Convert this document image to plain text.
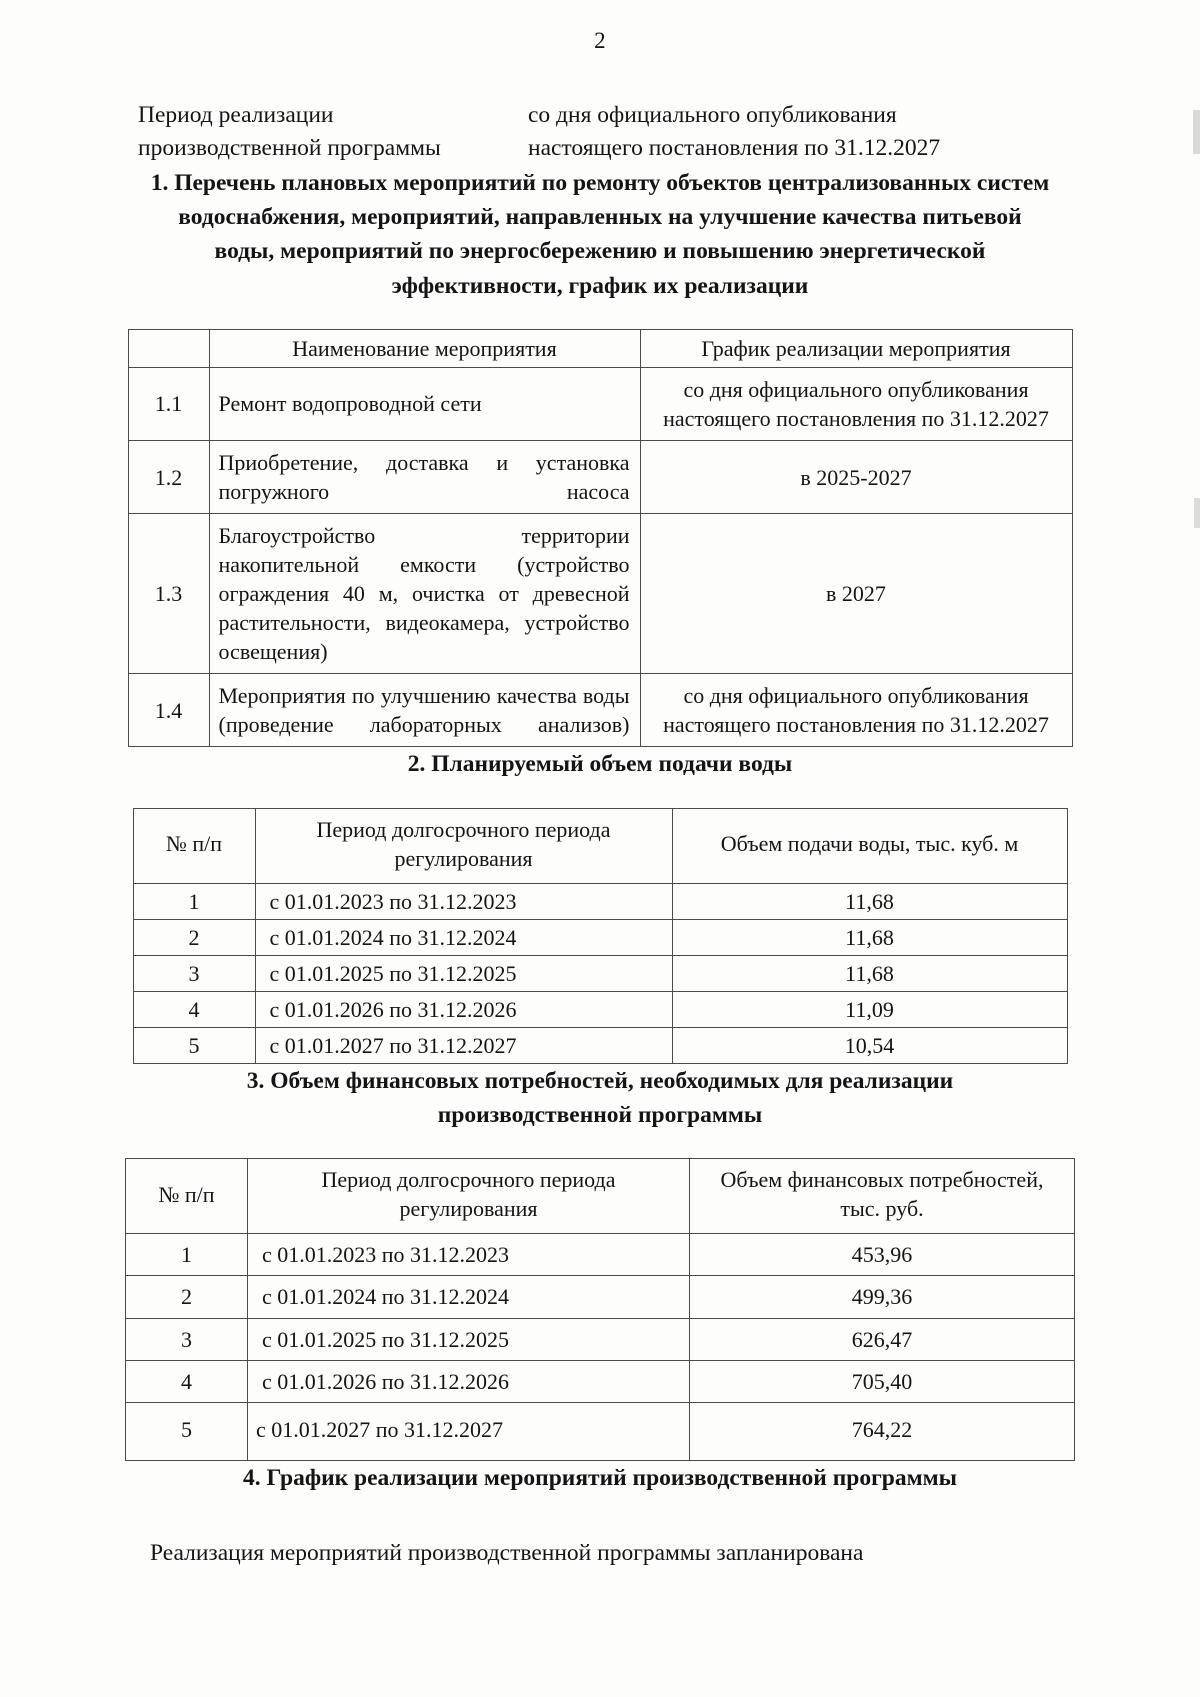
2
Период реализации
производственной программы
со дня официального опубликования
настоящего постановления по 31.12.2027
1. Перечень плановых мероприятий по ремонту объектов централизованных систем водоснабжения, мероприятий, направленных на улучшение качества питьевой воды, мероприятий по энергосбережению и повышению энергетической эффективности, график их реализации
	Наименование мероприятия	График реализации мероприятия
1.1	Ремонт водопроводной сети	со дня официального опубликования настоящего постановления по 31.12.2027
1.2	Приобретение, доставка и установка погружного насоса	в 2025-2027
1.3	Благоустройство территории накопительной емкости (устройство ограждения 40 м, очистка от древесной растительности, видеокамера, устройство освещения)	в 2027
1.4	Мероприятия по улучшению качества воды (проведение лабораторных анализов)	со дня официального опубликования настоящего постановления по 31.12.2027
2. Планируемый объем подачи воды
№ п/п	Период долгосрочного периода регулирования	Объем подачи воды, тыс. куб. м
1	с 01.01.2023 по 31.12.2023	11,68
2	с 01.01.2024 по 31.12.2024	11,68
3	с 01.01.2025 по 31.12.2025	11,68
4	с 01.01.2026 по 31.12.2026	11,09
5	с 01.01.2027 по 31.12.2027	10,54
3. Объем финансовых потребностей, необходимых для реализации производственной программы
№ п/п	Период долгосрочного периода регулирования	Объем финансовых потребностей, тыс. руб.
1	с 01.01.2023 по 31.12.2023	453,96
2	с 01.01.2024 по 31.12.2024	499,36
3	с 01.01.2025 по 31.12.2025	626,47
4	с 01.01.2026 по 31.12.2026	705,40
5	с 01.01.2027 по 31.12.2027	764,22
4. График реализации мероприятий производственной программы

Реализация мероприятий производственной программы запланирована
